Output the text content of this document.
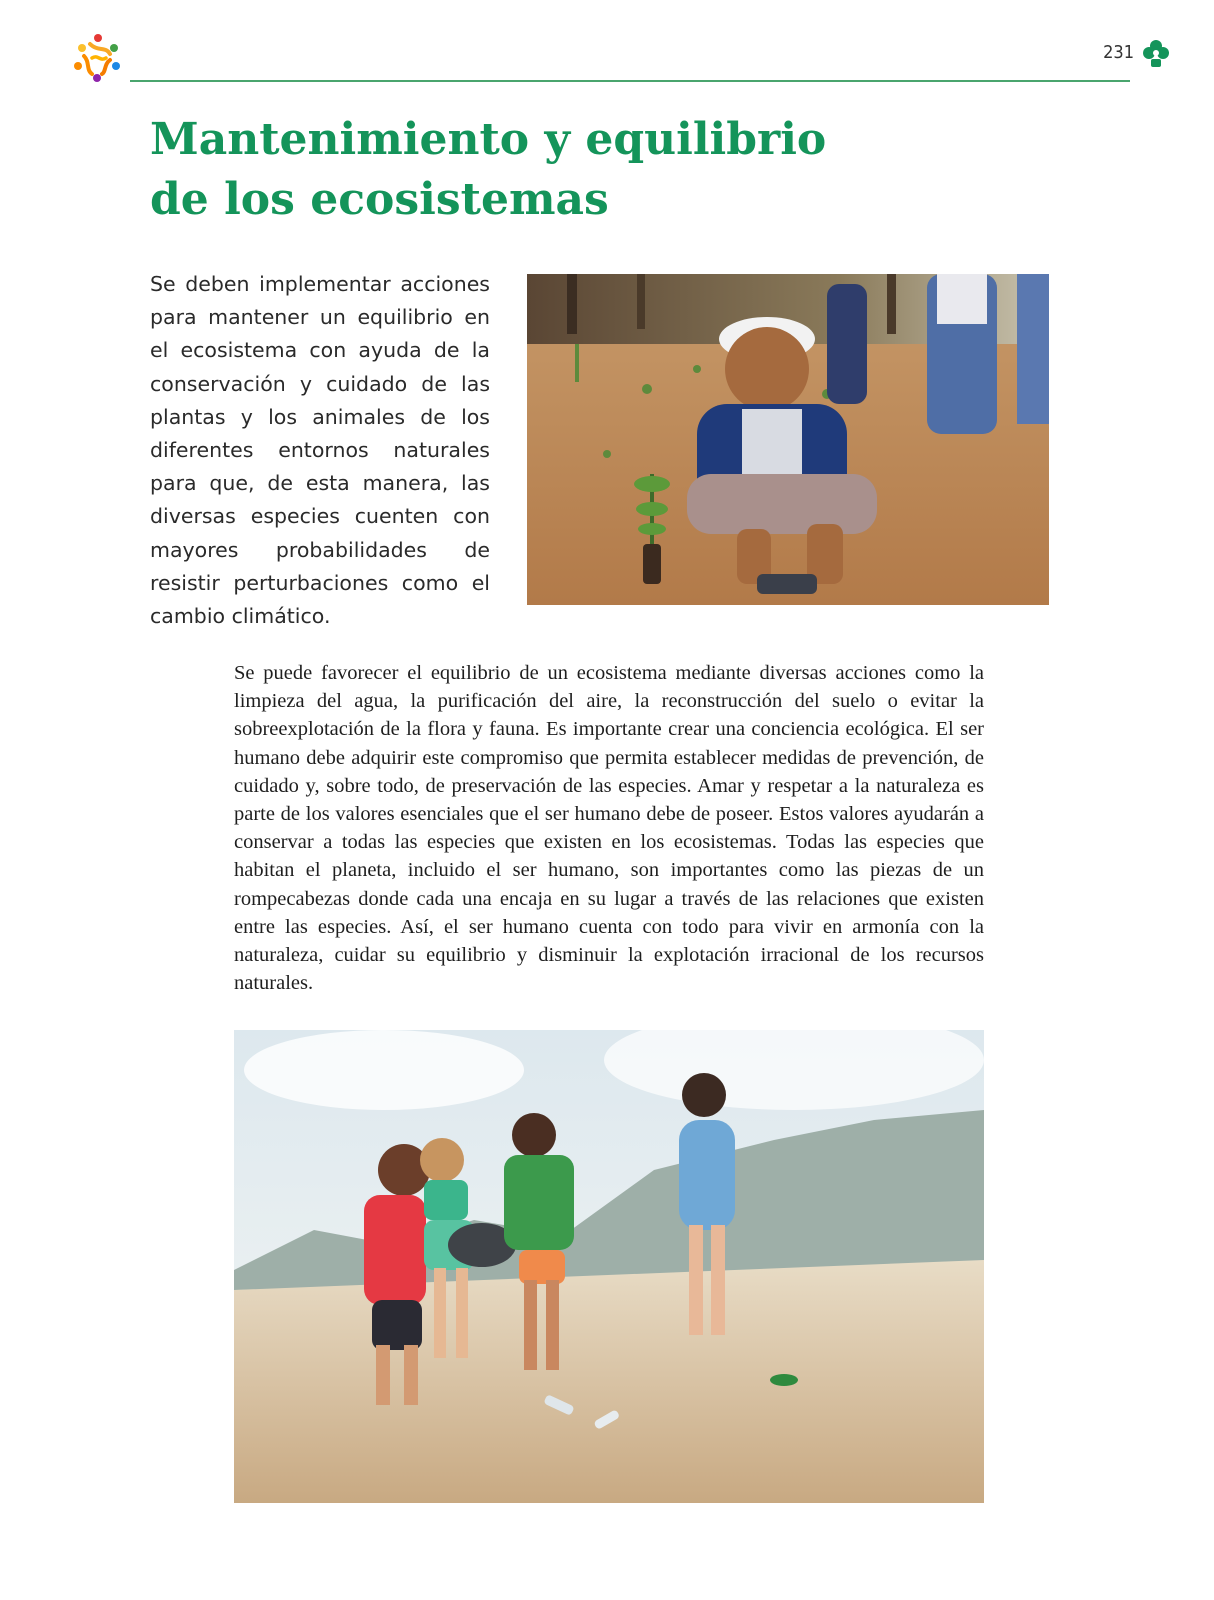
231
Mantenimiento y equilibrio
de los ecosistemas

Se deben implementar acciones para mantener un equilibrio en el ecosistema con ayuda de la conservación y cuidado de las plantas y los animales de los diferentes entornos naturales para que, de esta manera, las diversas especies cuenten con mayores probabilidades de resistir perturbaciones como el cambio climático.

Se puede favorecer el equilibrio de un ecosistema mediante diversas acciones como la limpieza del agua, la purificación del aire, la reconstrucción del suelo o evitar la sobreexplotación de la flora y fauna. Es importante crear una conciencia ecológica. El ser humano debe adquirir este compromiso que permita establecer medidas de prevención, de cuidado y, sobre todo, de preservación de las especies. Amar y respetar a la naturaleza es parte de los valores esenciales que el ser humano debe de poseer. Estos valores ayudarán a conservar a todas las especies que existen en los ecosistemas. Todas las especies que habitan el planeta, incluido el ser humano, son importantes como las piezas de un rompecabezas donde cada una encaja en su lugar a través de las relaciones que existen entre las especies. Así, el ser humano cuenta con todo para vivir en armonía con la naturaleza, cuidar su equilibrio y disminuir la explotación irracional de los recursos naturales.
